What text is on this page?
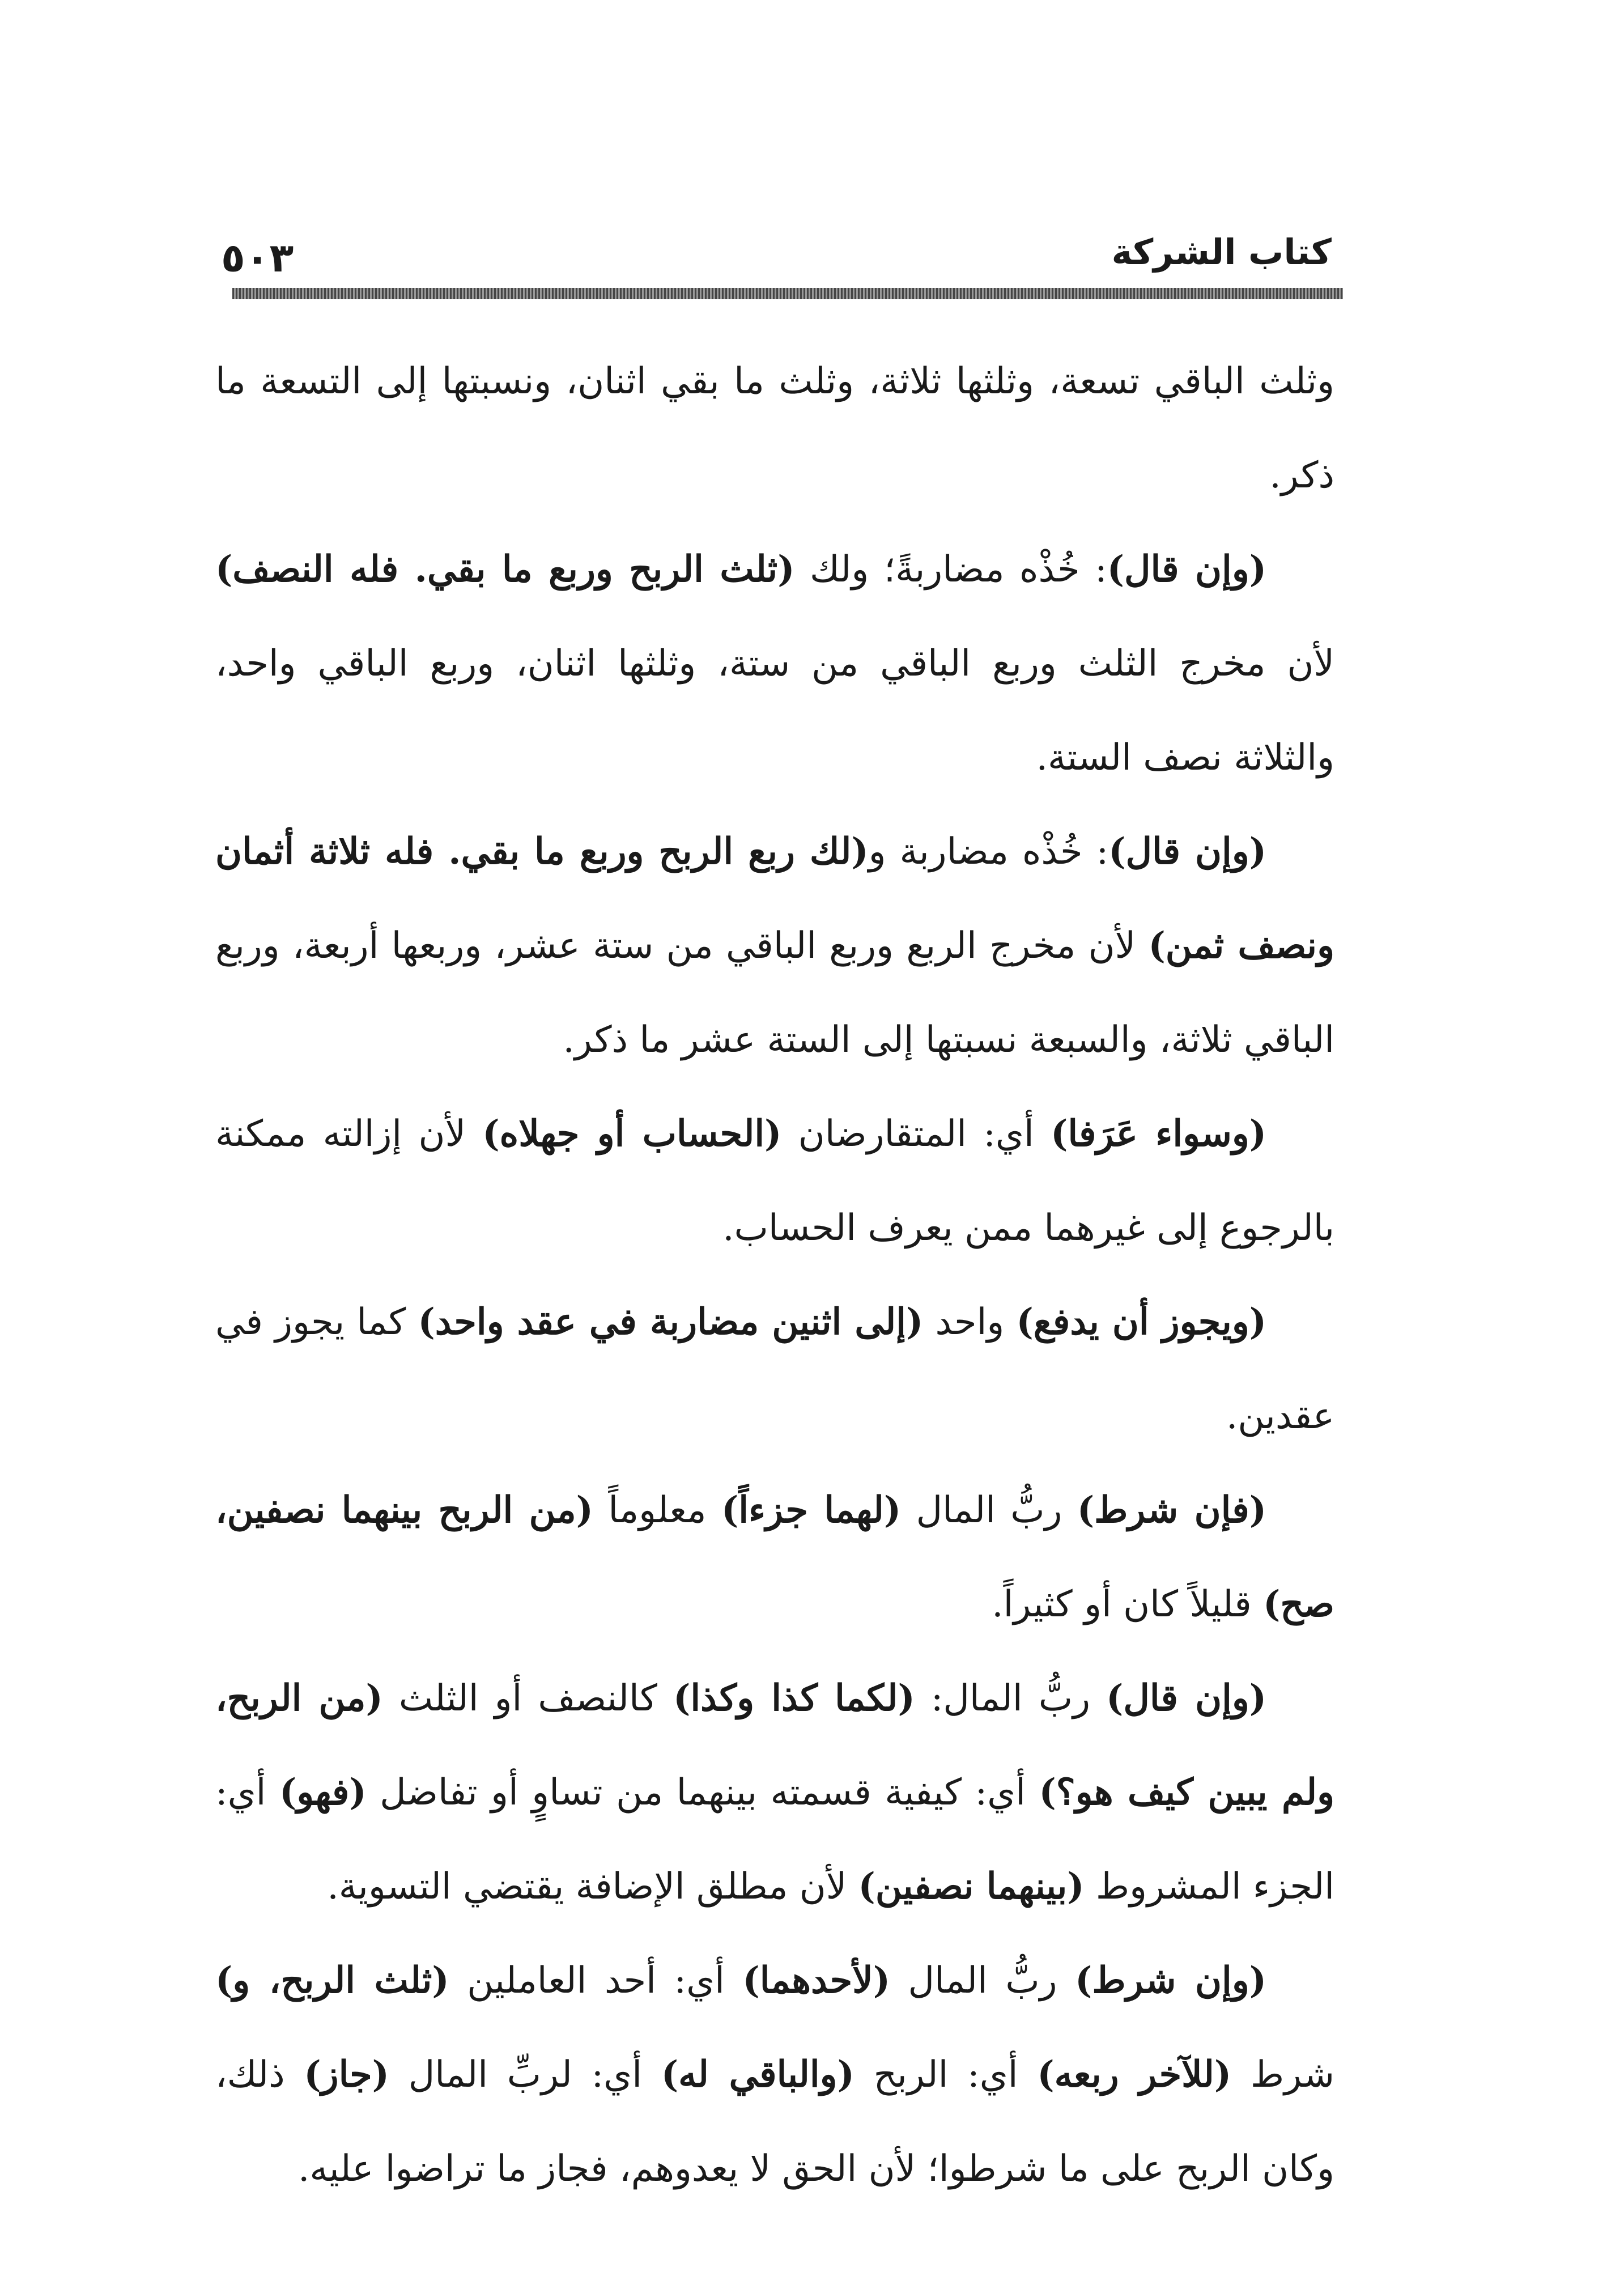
٥٠٣	كتاب الشركة

وثلث الباقي تسعة، وثلثها ثلاثة، وثلث ما بقي اثنان، ونسبتها إلى التسعة ما ذكر.

(وإن قال): خُذْه مضاربةً؛ ولك (ثلث الربح وربع ما بقي. فله النصف) لأن مخرج الثلث وربع الباقي من ستة، وثلثها اثنان، وربع الباقي واحد، والثلاثة نصف الستة.

(وإن قال): خُذْه مضاربة و(لك ربع الربح وربع ما بقي. فله ثلاثة أثمان ونصف ثمن) لأن مخرج الربع وربع الباقي من ستة عشر، وربعها أربعة، وربع الباقي ثلاثة، والسبعة نسبتها إلى الستة عشر ما ذكر.

(وسواء عَرَفا) أي: المتقارضان (الحساب أو جهلاه) لأن إزالته ممكنة بالرجوع إلى غيرهما ممن يعرف الحساب.

(ويجوز أن يدفع) واحد (إلى اثنين مضاربة في عقد واحد) كما يجوز في عقدين.

(فإن شرط) ربُّ المال (لهما جزءاً) معلوماً (من الربح بينهما نصفين، صح) قليلاً كان أو كثيراً.

(وإن قال) ربُّ المال: (لكما كذا وكذا) كالنصف أو الثلث (من الربح، ولم يبين كيف هو؟) أي: كيفية قسمته بينهما من تساوٍ أو تفاضل (فهو) أي: الجزء المشروط (بينهما نصفين) لأن مطلق الإضافة يقتضي التسوية.

(وإن شرط) ربُّ المال (لأحدهما) أي: أحد العاملين (ثلث الربح، و) شرط (للآخر ربعه) أي: الربح (والباقي له) أي: لربِّ المال (جاز) ذلك، وكان الربح على ما شرطوا؛ لأن الحق لا يعدوهم، فجاز ما تراضوا عليه.
